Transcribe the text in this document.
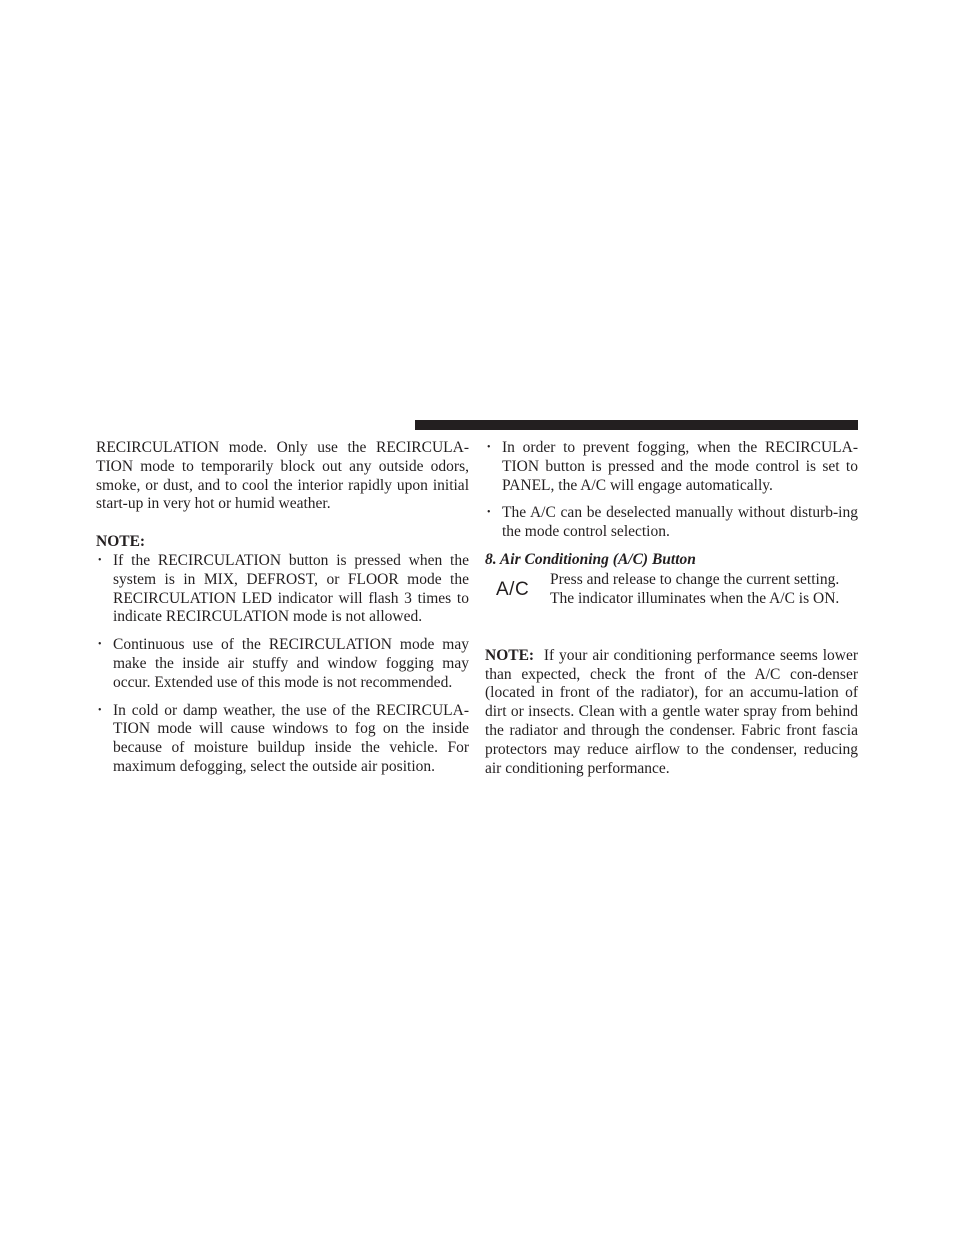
RECIRCULATION mode. Only use the RECIRCULA-TION mode to temporarily block out any outside odors, smoke, or dust, and to cool the interior rapidly upon initial start-up in very hot or humid weather.

NOTE:
• If the RECIRCULATION button is pressed when the system is in MIX, DEFROST, or FLOOR mode the RECIRCULATION LED indicator will flash 3 times to indicate RECIRCULATION mode is not allowed.
• Continuous use of the RECIRCULATION mode may make the inside air stuffy and window fogging may occur. Extended use of this mode is not recommended.
• In cold or damp weather, the use of the RECIRCULA-TION mode will cause windows to fog on the inside because of moisture buildup inside the vehicle. For maximum defogging, select the outside air position.
• In order to prevent fogging, when the RECIRCULA-TION button is pressed and the mode control is set to PANEL, the A/C will engage automatically.
• The A/C can be deselected manually without disturb-ing the mode control selection.
8. Air Conditioning (A/C) Button
A/C Press and release to change the current setting. The indicator illuminates when the A/C is ON.

NOTE: If your air conditioning performance seems lower than expected, check the front of the A/C con-denser (located in front of the radiator), for an accumu-lation of dirt or insects. Clean with a gentle water spray from behind the radiator and through the condenser. Fabric front fascia protectors may reduce airflow to the condenser, reducing air conditioning performance.
